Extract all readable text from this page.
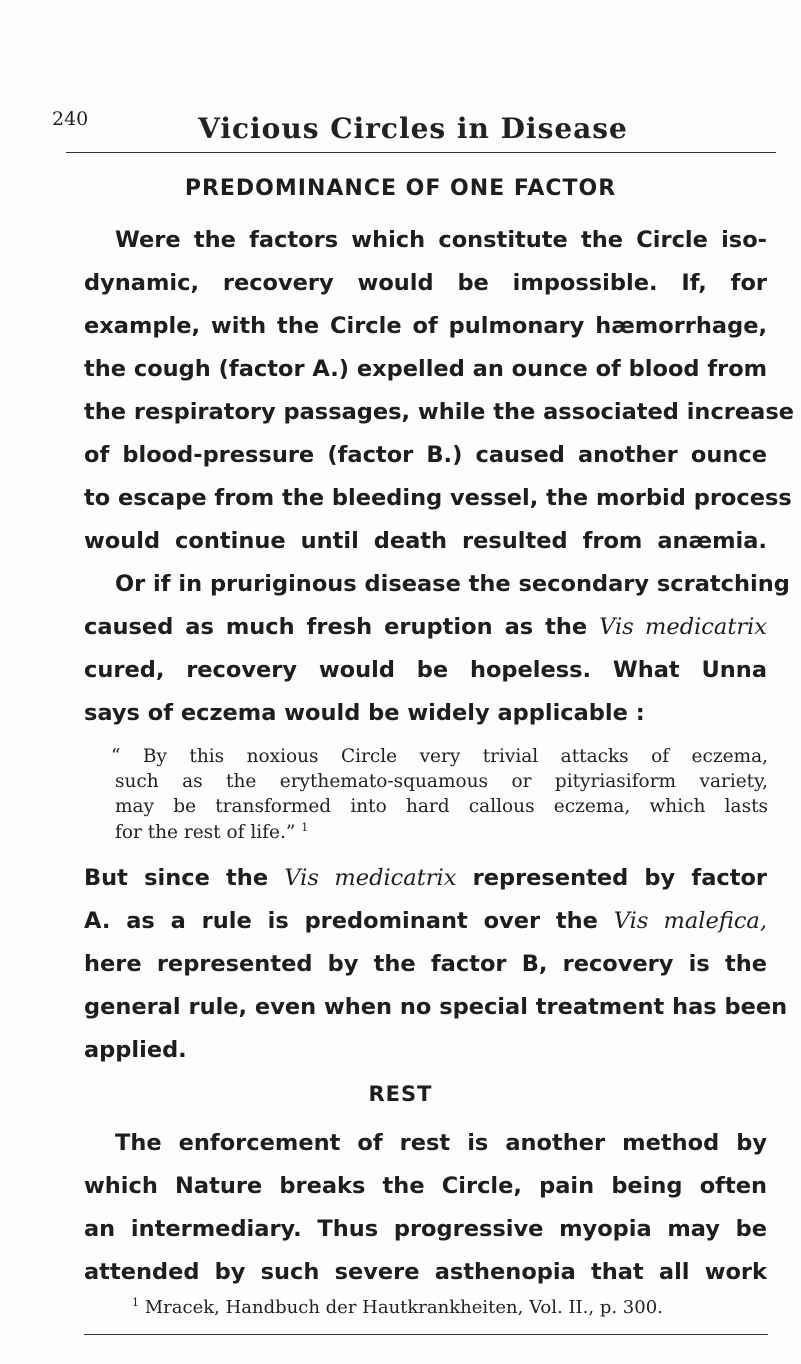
240	Vicious Circles in Disease
PREDOMINANCE OF ONE FACTOR
Were the factors which constitute the Circle iso-
dynamic, recovery would be impossible. If, for
example, with the Circle of pulmonary hæmorrhage,
the cough (factor A.) expelled an ounce of blood from
the respiratory passages, while the associated increase
of blood-pressure (factor B.) caused another ounce
to escape from the bleeding vessel, the morbid process
would continue until death resulted from anæmia.
Or if in pruriginous disease the secondary scratching
caused as much fresh eruption as the Vis medicatrix
cured, recovery would be hopeless. What Unna
says of eczema would be widely applicable :
“ By this noxious Circle very trivial attacks of eczema,
such as the erythemato-squamous or pityriasiform variety,
may be transformed into hard callous eczema, which lasts
for the rest of life.” $^1$
But since the Vis medicatrix represented by factor
A. as a rule is predominant over the Vis malefica,
here represented by the factor B, recovery is the
general rule, even when no special treatment has been
applied.
REST
The enforcement of rest is another method by
which Nature breaks the Circle, pain being often
an intermediary. Thus progressive myopia may be
attended by such severe asthenopia that all work
$^1$ Mracek, Handbuch der Hautkrankheiten, Vol. II., p. 300.
